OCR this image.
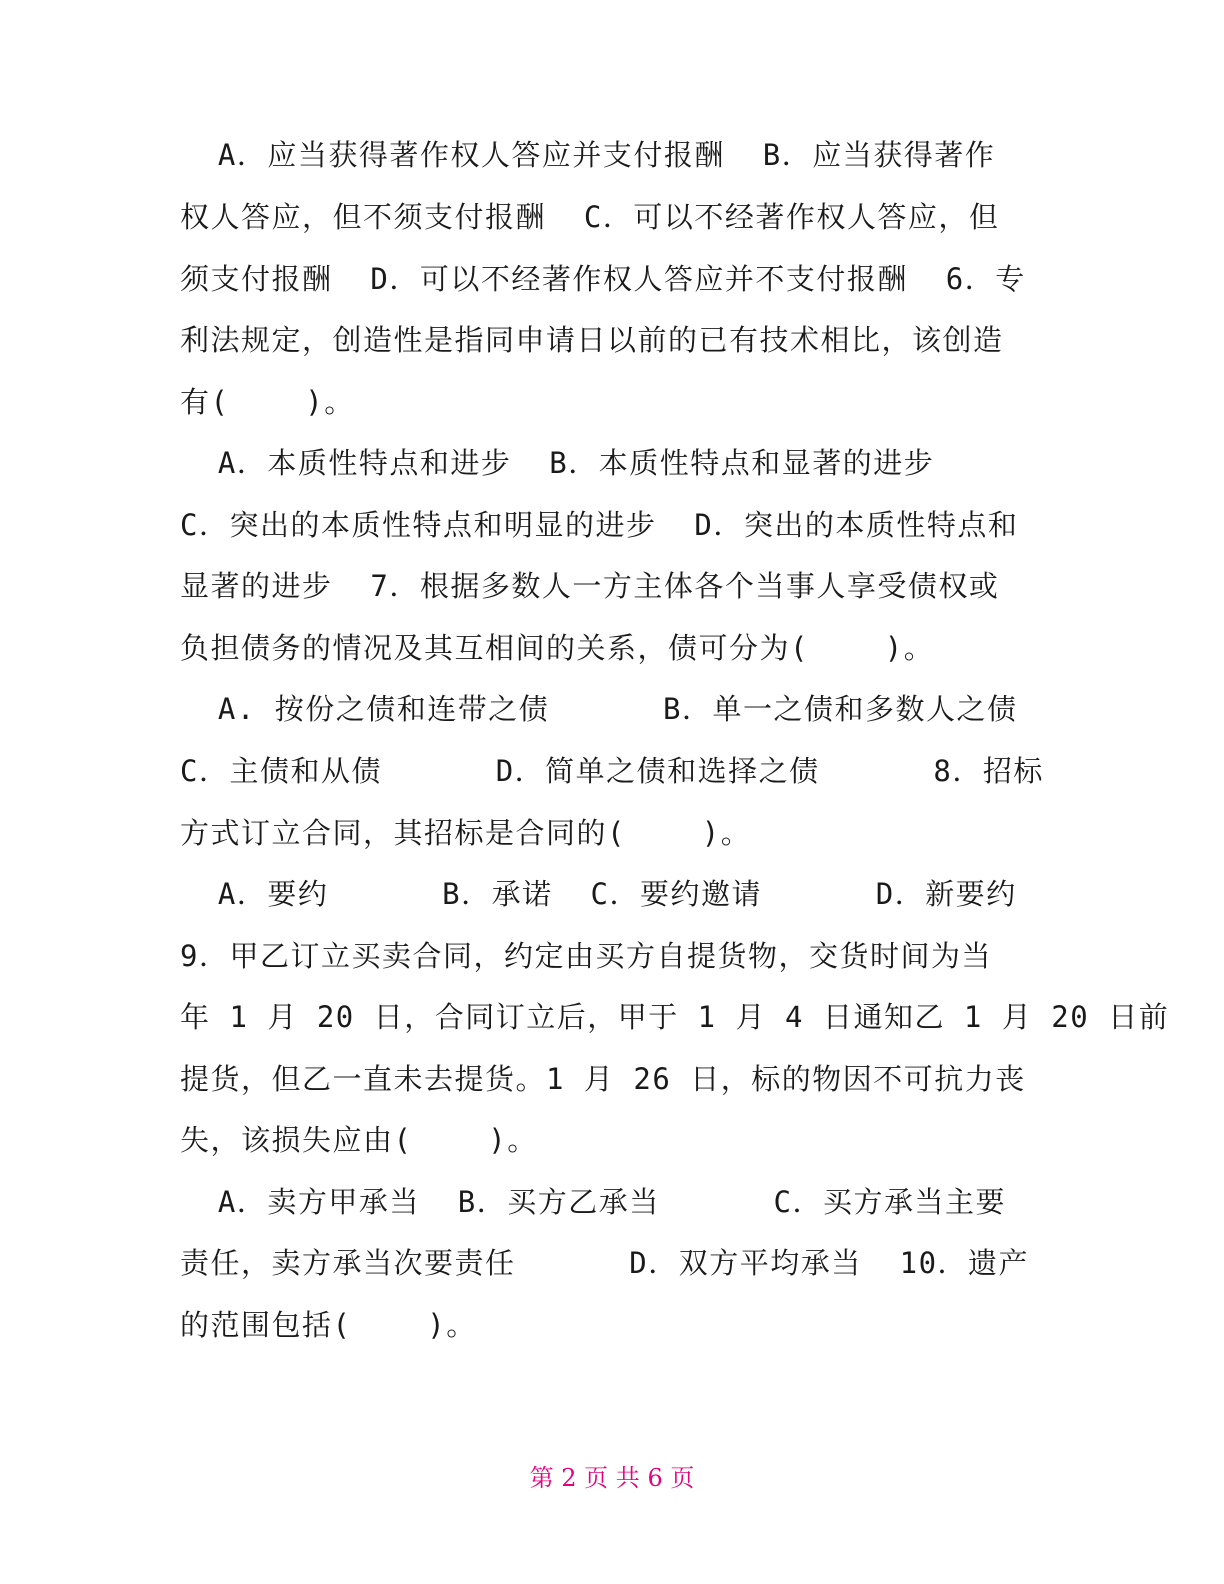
A．应当获得著作权人答应并支付报酬  B．应当获得著作
权人答应，但不须支付报酬  C．可以不经著作权人答应，但
须支付报酬  D．可以不经著作权人答应并不支付报酬  6．专
利法规定，创造性是指同申请日以前的已有技术相比，该创造
有(    )。
A．本质性特点和进步  B．本质性特点和显著的进步
C．突出的本质性特点和明显的进步  D．突出的本质性特点和
显著的进步  7．根据多数人一方主体各个当事人享受债权或
负担债务的情况及其互相间的关系，债可分为(    )。
A. 按份之债和连带之债      B．单一之债和多数人之债
C．主债和从债      D．简单之债和选择之债      8．招标
方式订立合同，其招标是合同的(    )。
A．要约      B．承诺  C．要约邀请      D．新要约
9．甲乙订立买卖合同，约定由买方自提货物，交货时间为当
年 1 月 20 日，合同订立后，甲于 1 月 4 日通知乙 1 月 20 日前
提货，但乙一直未去提货。1 月 26 日，标的物因不可抗力丧
失，该损失应由(    )。
A．卖方甲承当  B．买方乙承当      C．买方承当主要
责任，卖方承当次要责任      D．双方平均承当  10．遗产
的范围包括(    )。
第 2 页 共 6 页
